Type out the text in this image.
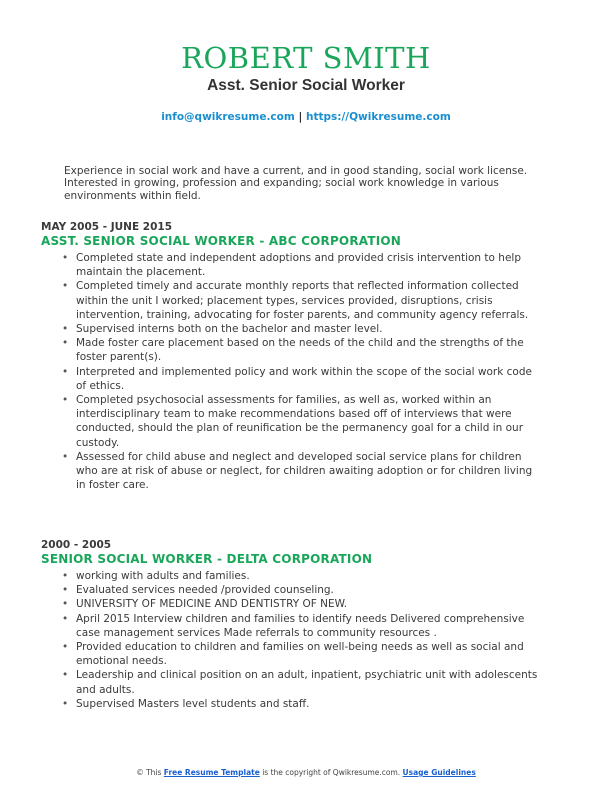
ROBERT SMITH
Asst. Senior Social Worker
info@qwikresume.com | https://Qwikresume.com
Experience in social work and have a current, and in good standing, social work license. Interested in growing, profession and expanding; social work knowledge in various environments within field.
MAY 2005 - JUNE 2015
ASST. SENIOR SOCIAL WORKER - ABC CORPORATION
• Completed state and independent adoptions and provided crisis intervention to help maintain the placement.
• Completed timely and accurate monthly reports that reflected information collected within the unit I worked; placement types, services provided, disruptions, crisis intervention, training, advocating for foster parents, and community agency referrals.
• Supervised interns both on the bachelor and master level.
• Made foster care placement based on the needs of the child and the strengths of the foster parent(s).
• Interpreted and implemented policy and work within the scope of the social work code of ethics.
• Completed psychosocial assessments for families, as well as, worked within an interdisciplinary team to make recommendations based off of interviews that were conducted, should the plan of reunification be the permanency goal for a child in our custody.
• Assessed for child abuse and neglect and developed social service plans for children who are at risk of abuse or neglect, for children awaiting adoption or for children living in foster care.
2000 - 2005
SENIOR SOCIAL WORKER - DELTA CORPORATION
• working with adults and families.
• Evaluated services needed /provided counseling.
• UNIVERSITY OF MEDICINE AND DENTISTRY OF NEW.
• April 2015 Interview children and families to identify needs Delivered comprehensive case management services Made referrals to community resources .
• Provided education to children and families on well-being needs as well as social and emotional needs.
• Leadership and clinical position on an adult, inpatient, psychiatric unit with adolescents and adults.
• Supervised Masters level students and staff.
© This Free Resume Template is the copyright of Qwikresume.com. Usage Guidelines
